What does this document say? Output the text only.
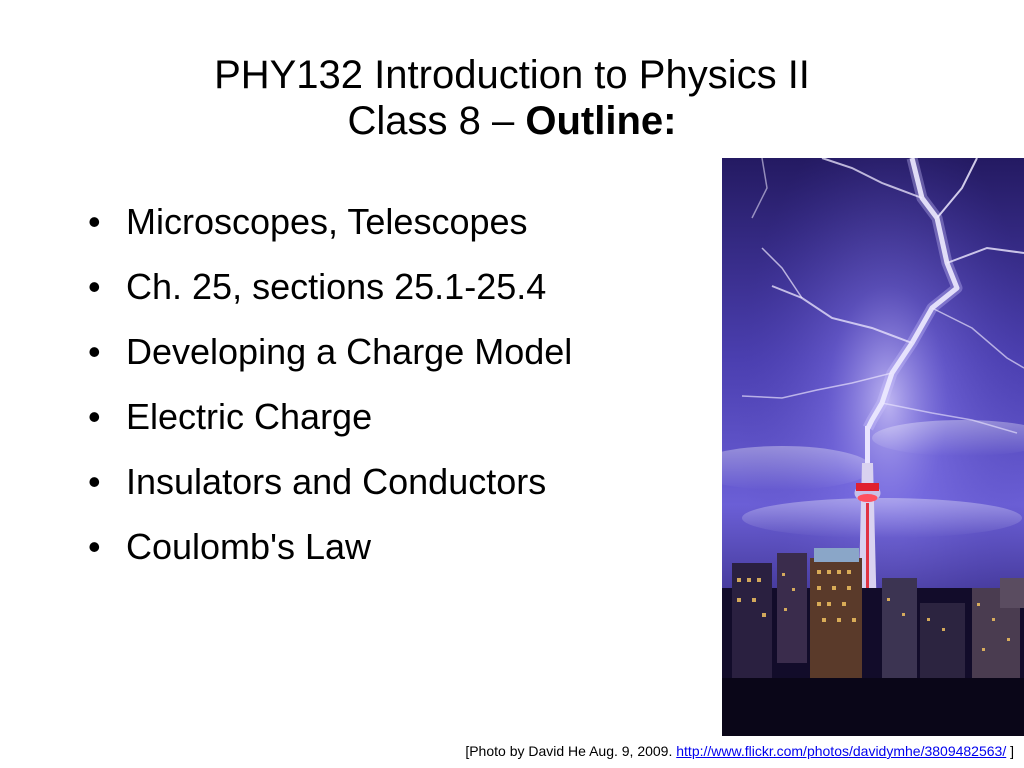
PHY132 Introduction to Physics II
Class 8 – Outline:
• Microscopes, Telescopes
• Ch. 25, sections 25.1-25.4
• Developing a Charge Model
• Electric Charge
• Insulators and Conductors
• Coulomb's Law
[Photo by David He Aug. 9, 2009. http://www.flickr.com/photos/davidymhe/3809482563/ ]
